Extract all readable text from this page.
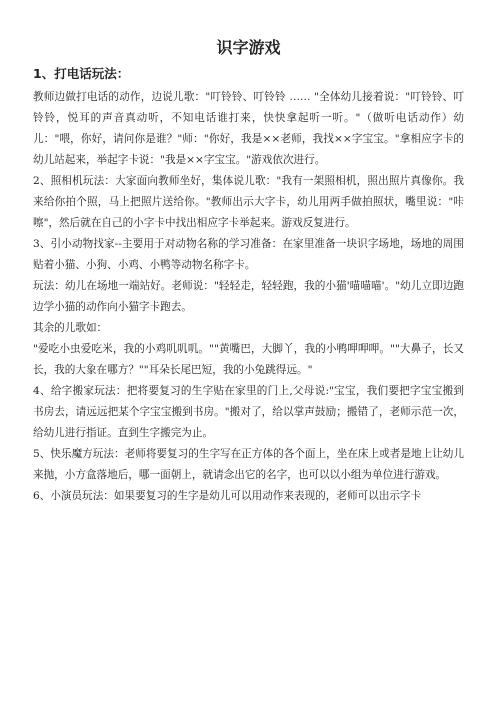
识字游戏
1、打电话玩法：

教师边做打电话的动作，边说儿歌："叮铃铃、叮铃铃 …… "全体幼儿接着说："叮铃铃、叮铃铃，悦耳的声音真动听，不知电话谁打来，快快拿起听一听。"（做听电话动作）幼儿："喂，你好，请问你是谁？"师："你好，我是××老师，我找××字宝宝。"拿相应字卡的幼儿站起来，举起字卡说："我是××字宝宝。"游戏依次进行。

2、照相机玩法：大家面向教师坐好，集体说儿歌："我有一架照相机，照出照片真像你。我来给你拍个照，马上把照片送给你。"教师出示大字卡，幼儿用两手做拍照状，嘴里说："咔嚓"，然后就在自己的小字卡中找出相应字卡举起来。游戏反复进行。

3、引小动物找家--主要用于对动物名称的学习准备：在家里准备一块识字场地，场地的周围贴着小猫、小狗、小鸡、小鸭等动物名称字卡。

玩法：幼儿在场地一端站好。老师说："轻轻走，轻轻跑，我的小猫'喵喵喵'。"幼儿立即边跑边学小猫的动作向小猫字卡跑去。

其余的儿歌如：

"爱吃小虫爱吃米，我的小鸡叽叽叽。""黄嘴巴，大脚丫，我的小鸭呷呷呷。""大鼻子，长又长，我的大象在哪方？""耳朵长尾巴短，我的小兔跳得远。"

4、给字搬家玩法：把将要复习的生字贴在家里的门上,父母说:"宝宝，我们要把字宝宝搬到书房去，请远远把某个字宝宝搬到书房。"搬对了，给以掌声鼓励；搬错了，老师示范一次，给幼儿进行指证。直到生字搬完为止。

5、快乐魔方玩法：老师将要复习的生字写在正方体的各个面上，坐在床上或者是地上让幼儿来抛，小方盒落地后，哪一面朝上，就请念出它的名字，也可以以小组为单位进行游戏。

6、小演员玩法：如果要复习的生字是幼儿可以用动作来表现的，老师可以出示字卡
